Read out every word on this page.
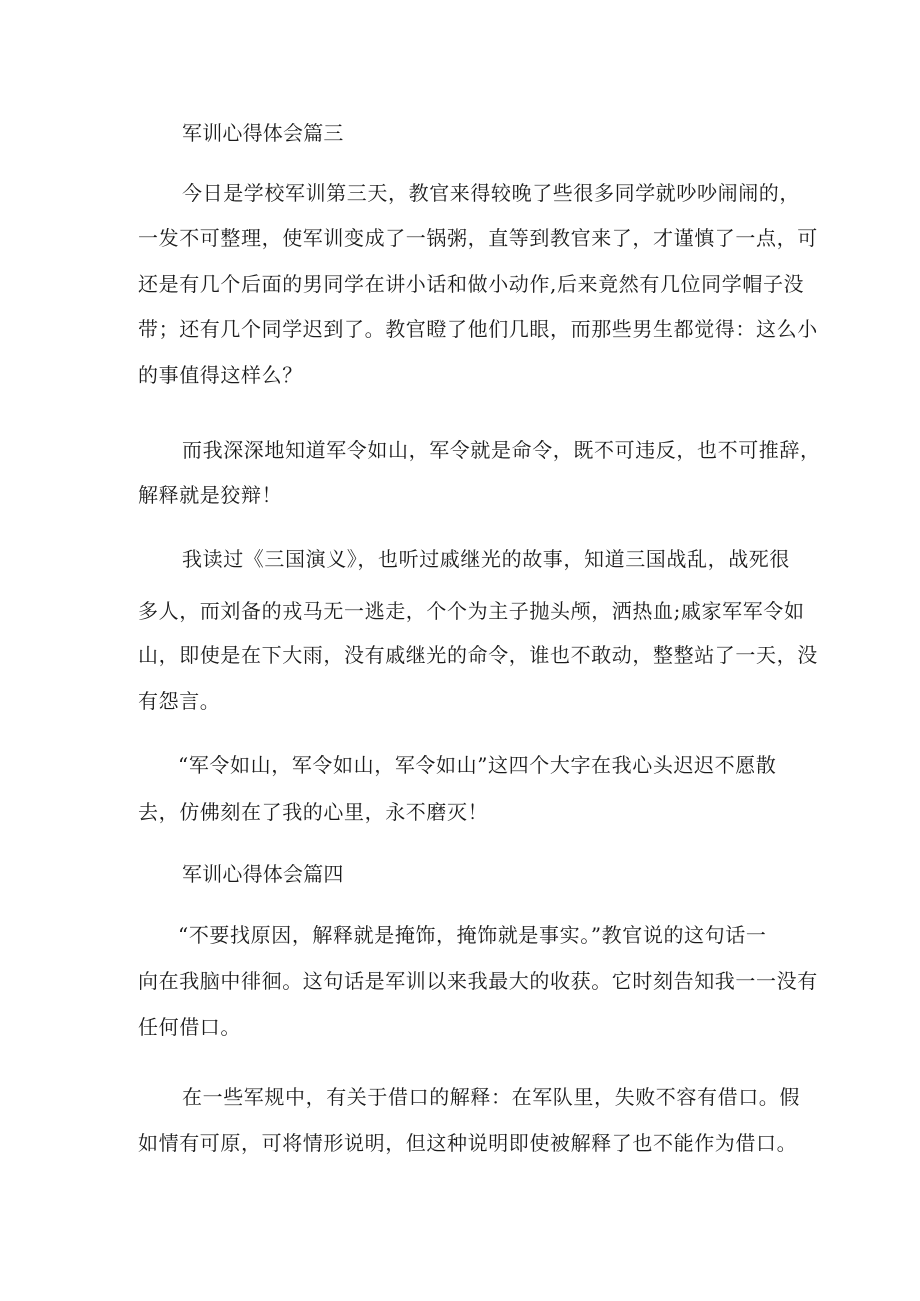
军训心得体会篇三
今日是学校军训第三天，教官来得较晚了些很多同学就吵吵闹闹的，
一发不可整理，使军训变成了一锅粥，直等到教官来了，才谨慎了一点，可
还是有几个后面的男同学在讲小话和做小动作,后来竟然有几位同学帽子没
带；还有几个同学迟到了。教官瞪了他们几眼，而那些男生都觉得：这么小
的事值得这样么？
而我深深地知道军令如山，军令就是命令，既不可违反，也不可推辞，
解释就是狡辩！
我读过《三国演义》，也听过戚继光的故事，知道三国战乱，战死很
多人，而刘备的戎马无一逃走，个个为主子抛头颅，洒热血;戚家军军令如
山，即使是在下大雨，没有戚继光的命令，谁也不敢动，整整站了一天，没
有怨言。
“军令如山，军令如山，军令如山”这四个大字在我心头迟迟不愿散
去，仿佛刻在了我的心里，永不磨灭！
军训心得体会篇四
“不要找原因，解释就是掩饰，掩饰就是事实。”教官说的这句话一
向在我脑中徘徊。这句话是军训以来我最大的收获。它时刻告知我一一没有
任何借口。
在一些军规中，有关于借口的解释：在军队里，失败不容有借口。假
如情有可原，可将情形说明，但这种说明即使被解释了也不能作为借口。
